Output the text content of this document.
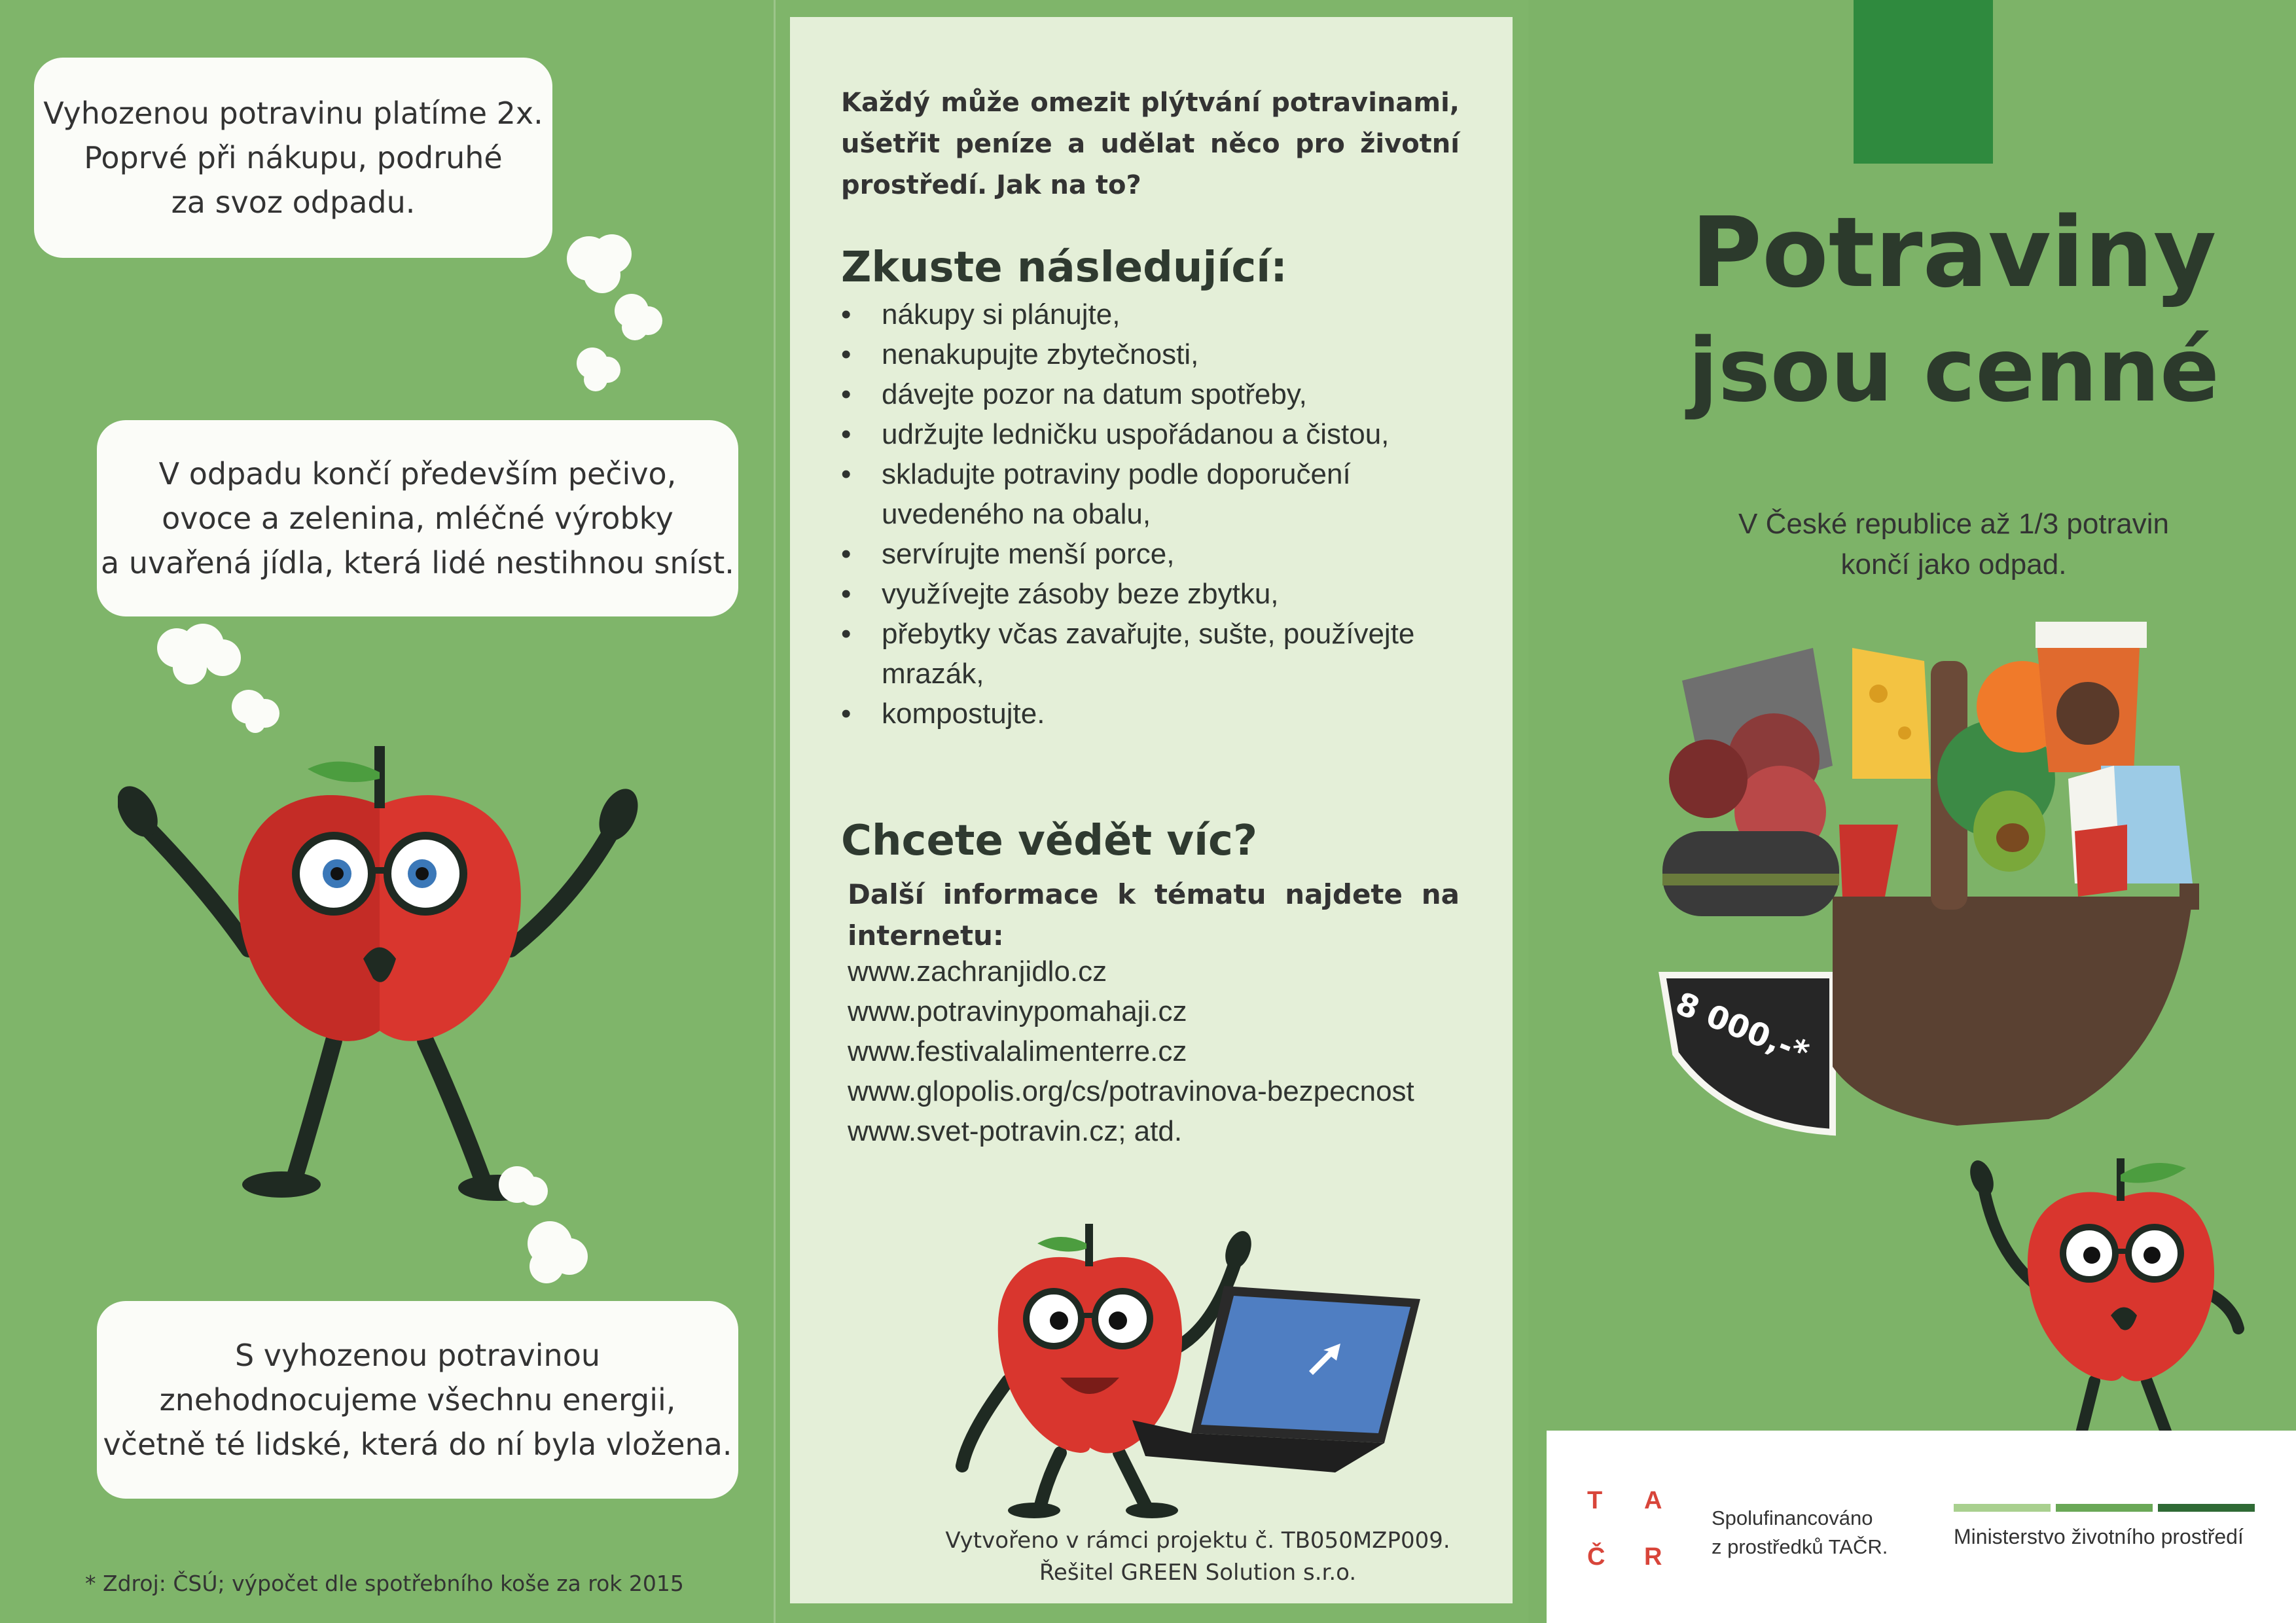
Vyhozenou potravinu platíme 2x.
Poprvé při nákupu, podruhé
za svoz odpadu.
V odpadu končí především pečivo,
ovoce a zelenina, mléčné výrobky
a uvařená jídla, která lidé nestihnou sníst.
S vyhozenou potravinou
znehodnocujeme všechnu energii,
včetně té lidské, která do ní byla vložena.
* Zdroj: ČSÚ; výpočet dle spotřebního koše za rok 2015
Každý může omezit plýtvání potravinami, ušetřit peníze a udělat něco pro životní prostředí. Jak na to?
Zkuste následující:
• nákupy si plánujte,
• nenakupujte zbytečnosti,
• dávejte pozor na datum spotřeby,
• udržujte ledničku uspořádanou a čistou,
• skladujte potraviny podle doporučení uvedeného na obalu,
• servírujte menší porce,
• využívejte zásoby beze zbytku,
• přebytky včas zavařujte, sušte, používejte mrazák,
• kompostujte.
Chcete vědět víc?
Další informace k tématu najdete na internetu:
www.zachranjidlo.cz
www.potravinypomahaji.cz
www.festivalalimenterre.cz
www.glopolis.org/cs/potravinova-bezpecnost
www.svet-potravin.cz; atd.
Vytvořeno v rámci projektu č. TB050MZP009.
Řešitel GREEN Solution s.r.o.
Potraviny
jsou cenné
V České republice až 1/3 potravin
končí jako odpad.
8 000,-*
T A
Č R
Spolufinancováno
z prostředků TAČR.	Ministerstvo životního prostředí
